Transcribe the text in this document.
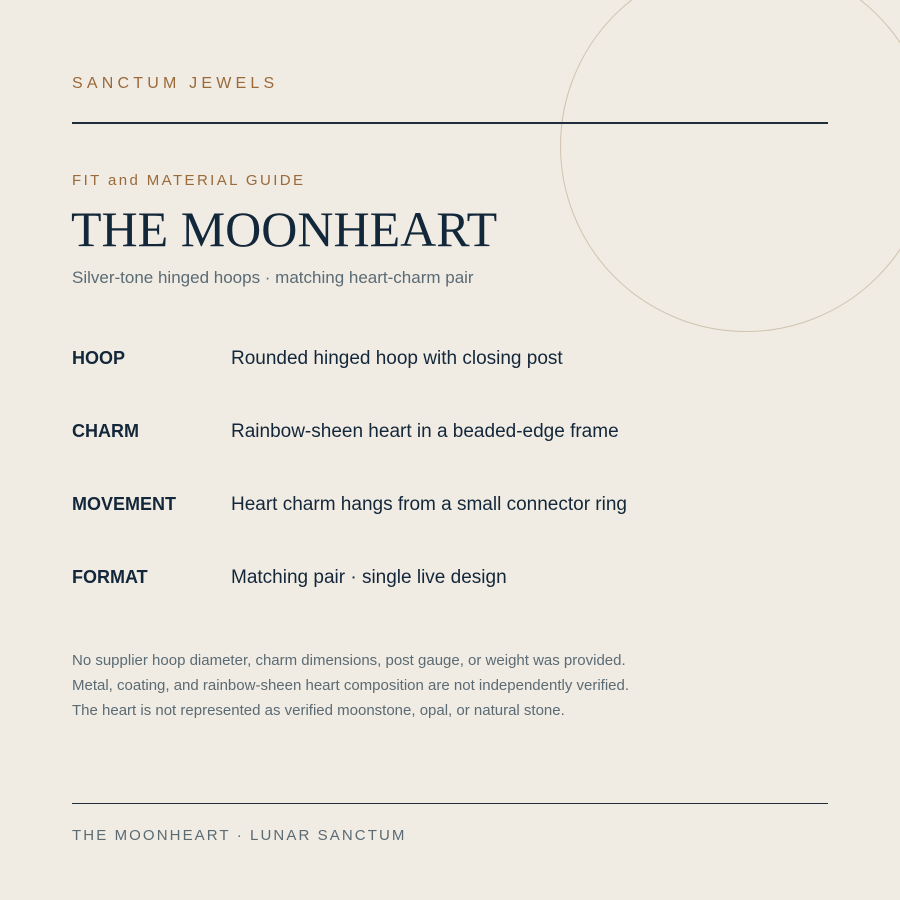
SANCTUM JEWELS
FIT and MATERIAL GUIDE
THE MOONHEART
Silver-tone hinged hoops · matching heart-charm pair
HOOP	Rounded hinged hoop with closing post
CHARM	Rainbow-sheen heart in a beaded-edge frame
MOVEMENT	Heart charm hangs from a small connector ring
FORMAT	Matching pair · single live design
No supplier hoop diameter, charm dimensions, post gauge, or weight was provided.
Metal, coating, and rainbow-sheen heart composition are not independently verified.
The heart is not represented as verified moonstone, opal, or natural stone.
THE MOONHEART · LUNAR SANCTUM
